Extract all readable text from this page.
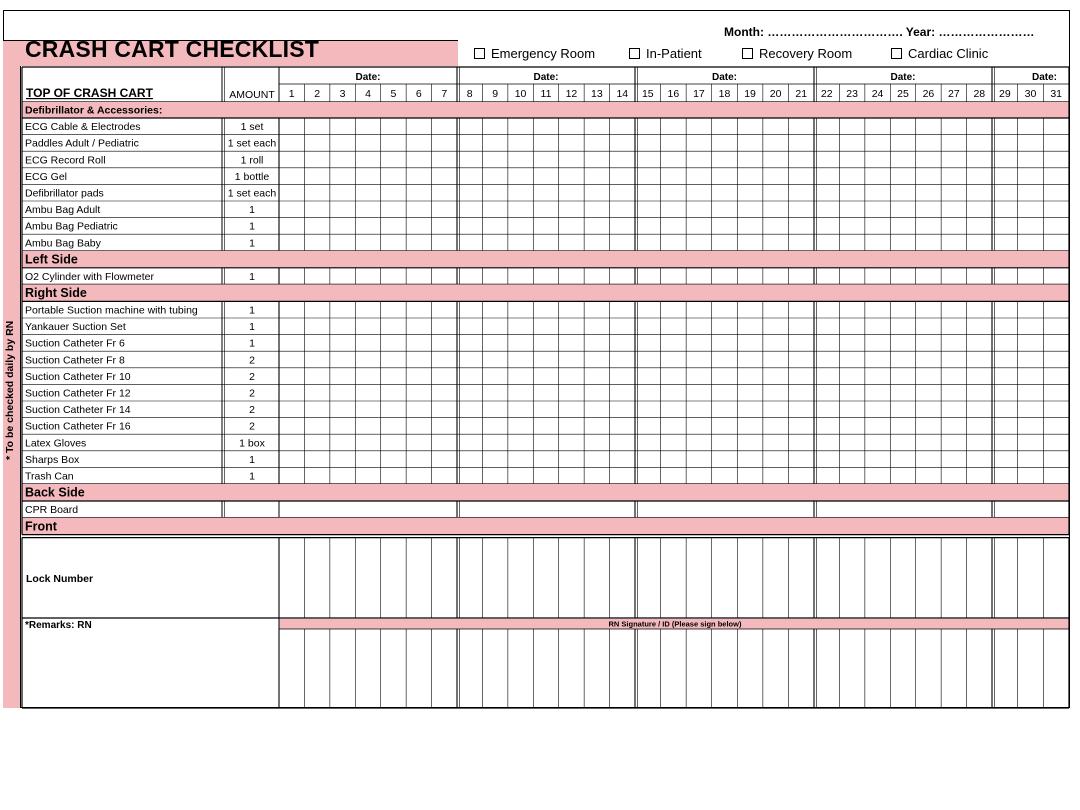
Month: ……………………………. Year: ……………………
CRASH CART CHECKLIST	Emergency Room	In-Patient	Recovery Room	Cardiac Clinic
* To be checked daily by RN
TOP OF CRASH CART	AMOUNT
Date:	Date:	Date:	Date:	Date:
1 2 3 4 5 6 7 8 9 10 11 12 13 14 15 16 17 18 19 20 21 22 23 24 25 26 27 28 29 30 31
Defibrillator & Accessories:
ECG Cable & Electrodes	1 set
Paddles Adult / Pediatric	1 set each
ECG Record Roll	1 roll
ECG Gel	1 bottle
Defibrillator pads	1 set each
Ambu Bag Adult	1
Ambu Bag Pediatric	1
Ambu Bag Baby	1
Left Side
O2 Cylinder with Flowmeter	1
Right Side
Portable Suction machine with tubing	1
Yankauer Suction Set	1
Suction Catheter Fr 6	1
Suction Catheter Fr 8	2
Suction Catheter Fr 10	2
Suction Catheter Fr 12	2
Suction Catheter Fr 14	2
Suction Catheter Fr 16	2
Latex Gloves	1 box
Sharps Box	1
Trash Can	1
Back Side
CPR Board
Front
Lock Number
*Remarks: RN	RN Signature / ID (Please sign below)
